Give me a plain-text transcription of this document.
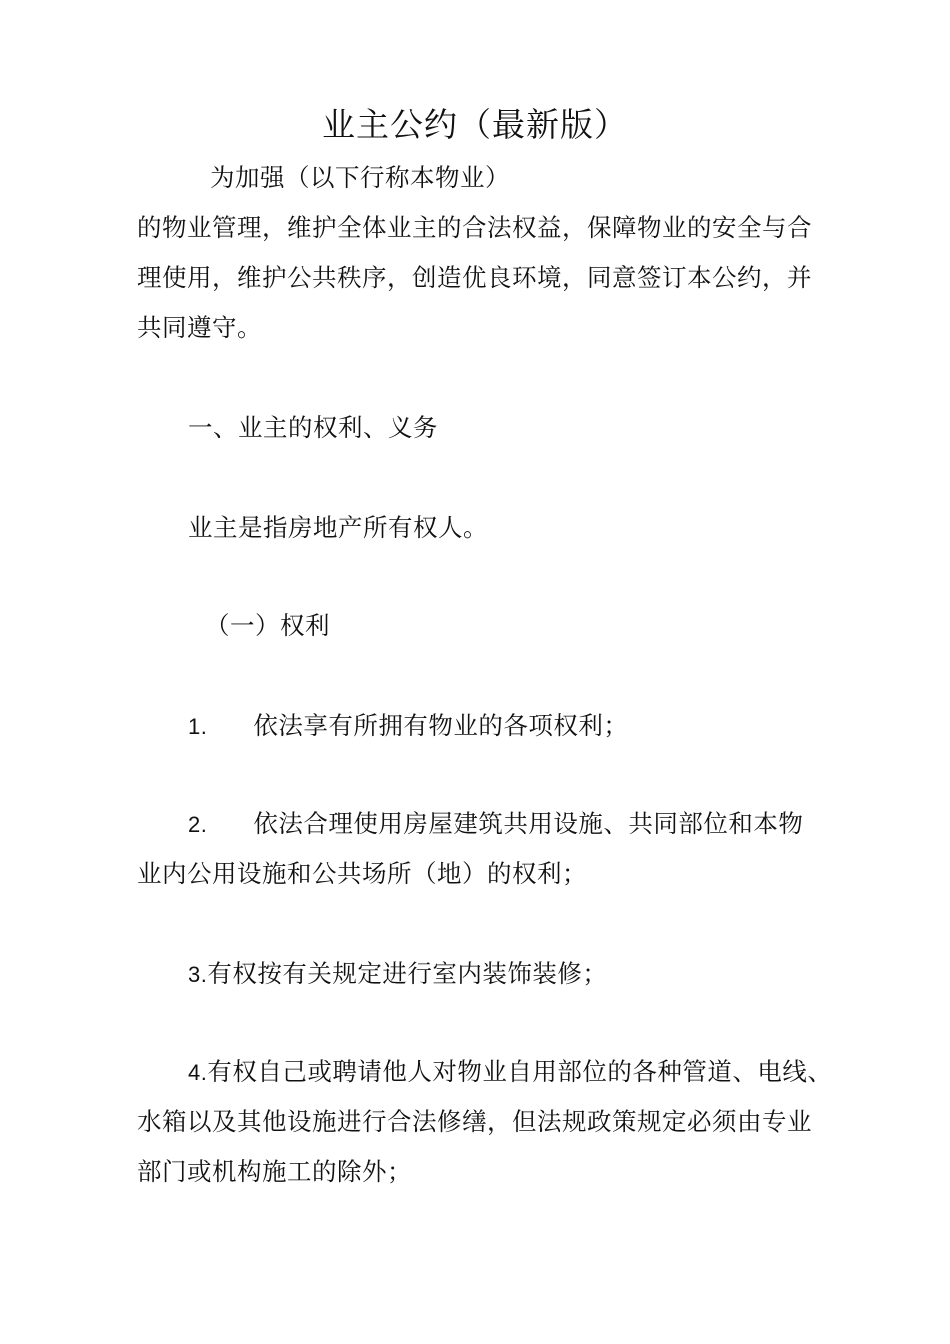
业主公约（最新版）
为加强（以下行称本物业）
的物业管理，维护全体业主的合法权益，保障物业的安全与合
理使用，维护公共秩序，创造优良环境，同意签订本公约，并
共同遵守。
一、业主的权利、义务
业主是指房地产所有权人。
（一）权利
1. 依法享有所拥有物业的各项权利；
2. 依法合理使用房屋建筑共用设施、共同部位和本物
业内公用设施和公共场所（地）的权利；
3.有权按有关规定进行室内装饰装修；
4.有权自己或聘请他人对物业自用部位的各种管道、电线、
水箱以及其他设施进行合法修缮，但法规政策规定必须由专业
部门或机构施工的除外；
